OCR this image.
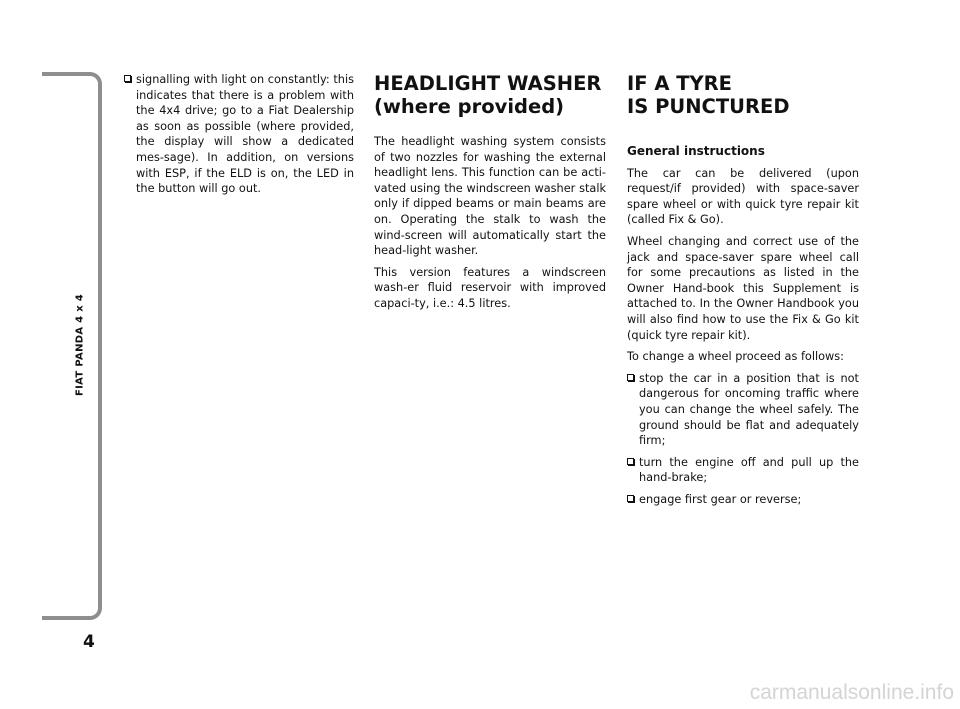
FIAT PANDA 4 x 4
4
signalling with light on constantly: this indicates that there is a problem with the 4x4 drive; go to a Fiat Dealership as soon as possible (where provided, the display will show a dedicated mes-sage). In addition, on versions with ESP, if the ELD is on, the LED in the button will go out.
HEADLIGHT WASHER
(where provided)

The headlight washing system consists of two nozzles for washing the external headlight lens. This function can be acti-vated using the windscreen washer stalk only if dipped beams or main beams are on. Operating the stalk to wash the wind-screen will automatically start the head-light washer.

This version features a windscreen wash-er fluid reservoir with improved capaci-ty, i.e.: 4.5 litres.

IF A TYRE
IS PUNCTURED
General instructions

The car can be delivered (upon request/if provided) with space-saver spare wheel or with quick tyre repair kit (called Fix & Go).

Wheel changing and correct use of the jack and space-saver spare wheel call for some precautions as listed in the Owner Hand-book this Supplement is attached to. In the Owner Handbook you will also find how to use the Fix & Go kit (quick tyre repair kit).

To change a wheel proceed as follows:

stop the car in a position that is not dangerous for oncoming traffic where you can change the wheel safely. The ground should be flat and adequately firm;
turn the engine off and pull up the hand-brake;
engage first gear or reverse;
carmanualsonline.info
